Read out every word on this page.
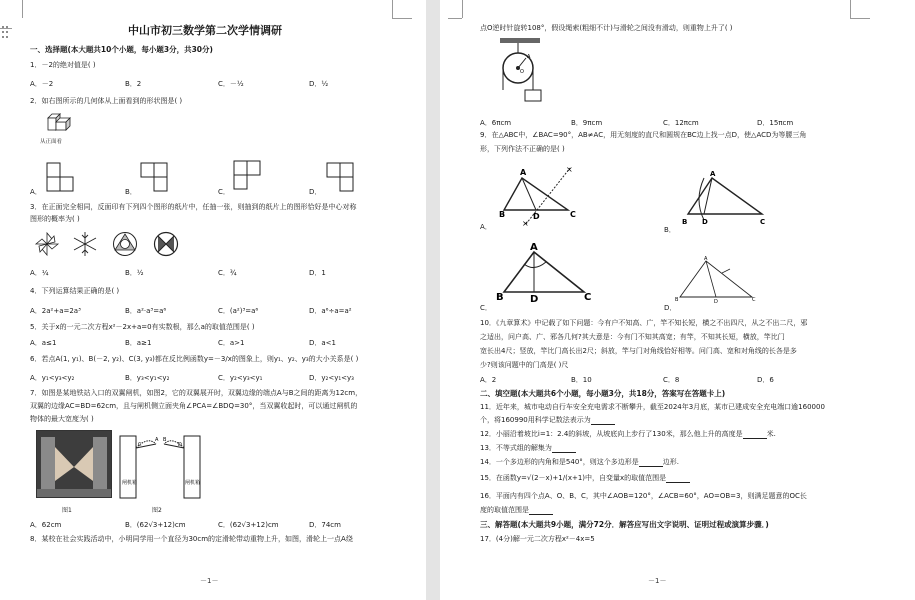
中山市初三数学第二次学情调研
一、选择题(本大题共10个小题，每小题3分，共30分)
1．－2的绝对值是( )
A．－2	B．2	C．－½	D．½
2．如右图所示的几何体从上面看到的形状图是( )
从正面看
A．	B．	C．	D．
3．在正面完全相同，反面印有下列四个图形的纸片中，任抽一张，则抽到的纸片上的图形恰好是中心对称
图形的概率为( )
A．¼	B．½	C．¾	D．1
4．下列运算结果正确的是( )
A．2a²+a=2a³	B．a²·a³=a⁶	C．(a²)³=a⁶	D．a⁶÷a=a²
5．关于x的一元二次方程x²－2x+a=0有实数根，那么a的取值范围是( )
A．a≤1	B．a≥1	C．a>1	D．a<1
6．若点A(1, y₁)、B(－2, y₂)、C(3, y₃)都在反比例函数y=－3/x的图象上，则y₁、y₂、y₃的大小关系是( )
A．y₁<y₃<y₂	B．y₃<y₁<y₂	C．y₂<y₃<y₁	D．y₂<y₁<y₃
7．如图是某地铁站入口的双翼闸机，如图2，它的双翼展开时，双翼边缘的端点A与B之间的距离为12cm，
双翼的边缘AC=BD=62cm，且与闸机侧立面夹角∠PCA=∠BDQ=30°，当双翼收起时，可以通过闸机的
物体的最大宽度为( )
图1
C
A B
D
闸机箱	闸机箱
图2
A．62cm	B．(62√3+12)cm	C．(62√3+12)cm	D．74cm
8．某校在社会实践活动中，小明同学用一个直径为30cm的定滑轮带动重物上升，如图，滑轮上一点A绕
－1－
点O逆时针旋转108°，假设绳索(粗细不计)与滑轮之间没有滑动，则重物上升了( )
O
A
A．6πcm	B．9πcm	C．12πcm	D．15πcm
9．在△ABC中，∠BAC=90°，AB≠AC，用无刻度的直尺和圆规在BC边上找一点D，使△ACD为等腰三角
形，下列作法不正确的是( )
A
B	D	C
×
×
A．
A
B D	C
B．
A
B	D	C
C．
A
B	D	C
D．
10．《九章算术》中记载了如下问题：今有户不知高、广，竿不知长短，横之不出四尺，从之不出二尺，邪
之适出，问户高、广、邪各几何?其大意是：今有门不知其高宽；有竿，不知其长短，横放，竿比门
宽长出4尺；竖放，竿比门高长出2尺；斜放，竿与门对角线恰好相等。问门高、宽和对角线的长各是多
少?则该问题中的门高是( )尺
A．2	B．10	C．8	D．6
二、填空题(本大题共6个小题，每小题3分，共18分，答案写在答题卡上)
11．近年来，城市电动自行车安全充电需求不断攀升，截至2024年3月底，某市已建成安全充电端口逾160000
个，将160990用科学记数法表示为
12．小丽沿着坡比i=1：2.4的斜坡，从坡底向上步行了130米，那么他上升的高度是	米.
13．不等式组的解集为
14．一个多边形的内角和是540°，则这个多边形是	边形.
15．在函数y=√(2－x)+1/(x+1)中，自变量x的取值范围是
16．平面内有四个点A、O、B、C，其中∠AOB=120°，∠ACB=60°，AO=OB=3，则满足题意的OC长
度的取值范围是
三、解答题(本大题共9小题，满分72分．解答应写出文字说明、证明过程或演算步骤．)
17．(4分)解一元二次方程x²－4x=5
－1－
